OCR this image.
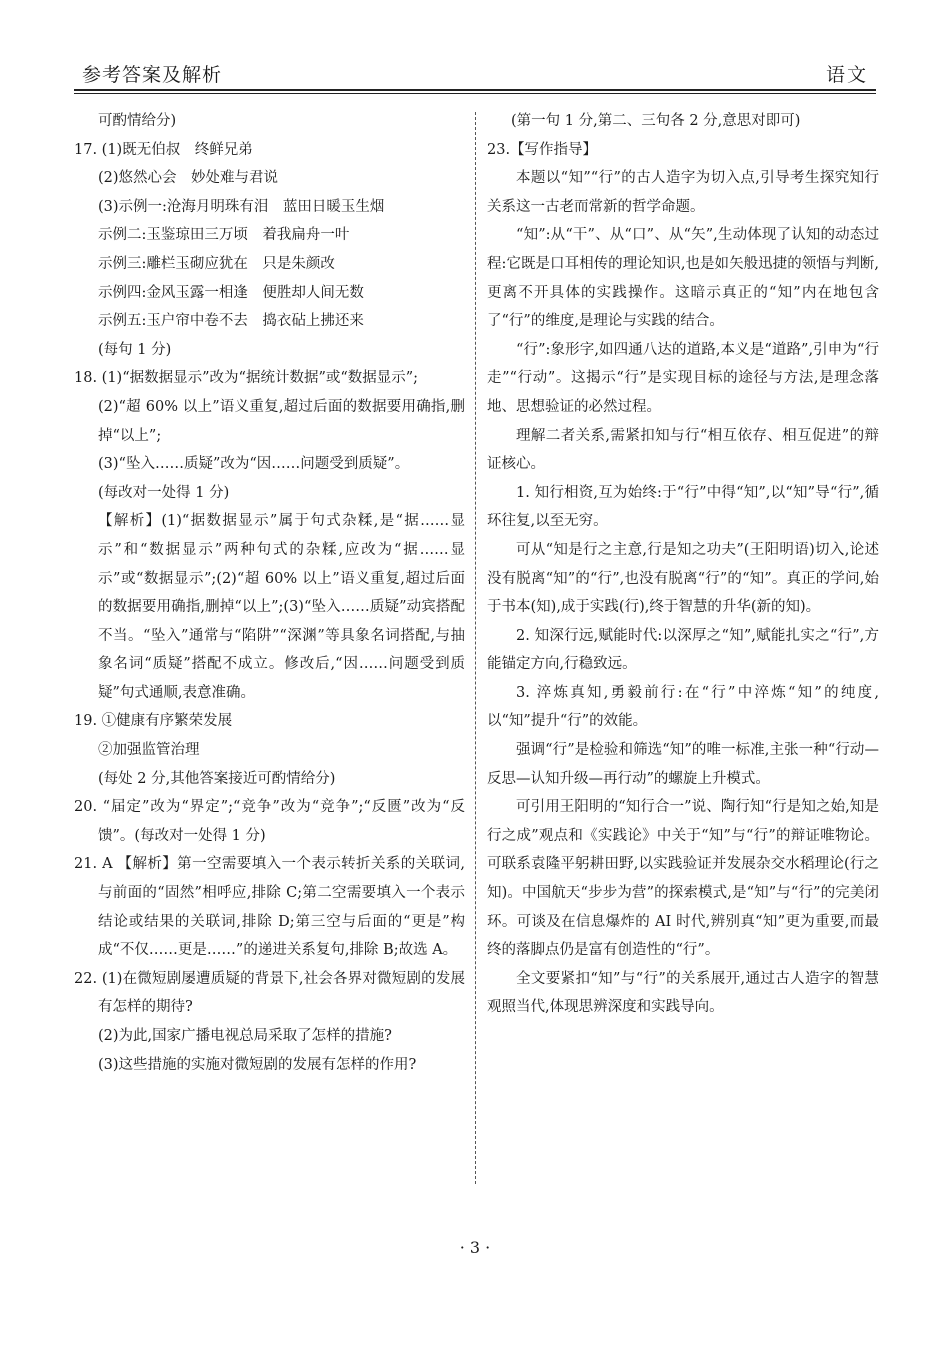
参考答案及解析	语文

可酌情给分)

17. (1)既无伯叔　终鲜兄弟

(2)悠然心会　妙处难与君说

(3)示例一:沧海月明珠有泪　蓝田日暖玉生烟

示例二:玉鉴琼田三万顷　着我扁舟一叶

示例三:雕栏玉砌应犹在　只是朱颜改

示例四:金风玉露一相逢　便胜却人间无数

示例五:玉户帘中卷不去　捣衣砧上拂还来

(每句 1 分)

18. (1)“据数据显示”改为“据统计数据”或“数据显示”;

(2)“超 60% 以上”语义重复,超过后面的数据要用确指,删掉“以上”;

(3)“坠入……质疑”改为“因……问题受到质疑”。

(每改对一处得 1 分)

【解析】(1)“据数据显示”属于句式杂糅,是“据……显示”和“数据显示”两种句式的杂糅,应改为“据……显示”或“数据显示”;(2)“超 60% 以上”语义重复,超过后面的数据要用确指,删掉“以上”;(3)“坠入……质疑”动宾搭配不当。“坠入”通常与“陷阱”“深渊”等具象名词搭配,与抽象名词“质疑”搭配不成立。修改后,“因……问题受到质疑”句式通顺,表意准确。

19. ①健康有序繁荣发展

②加强监管治理

(每处 2 分,其他答案接近可酌情给分)

20. “届定”改为“界定”;“竞争”改为“竞争”;“反匮”改为“反馈”。(每改对一处得 1 分)

21. A 【解析】第一空需要填入一个表示转折关系的关联词,与前面的“固然”相呼应,排除 C;第二空需要填入一个表示结论或结果的关联词,排除 D;第三空与后面的“更是”构成“不仅……更是……”的递进关系复句,排除 B;故选 A。

22. (1)在微短剧屡遭质疑的背景下,社会各界对微短剧的发展有怎样的期待?

(2)为此,国家广播电视总局采取了怎样的措施?

(3)这些措施的实施对微短剧的发展有怎样的作用?

(第一句 1 分,第二、三句各 2 分,意思对即可)

23.【写作指导】

本题以“知”“行”的古人造字为切入点,引导考生探究知行关系这一古老而常新的哲学命题。

“知”:从“干”、从“口”、从“矢”,生动体现了认知的动态过程:它既是口耳相传的理论知识,也是如矢般迅捷的领悟与判断,更离不开具体的实践操作。这暗示真正的“知”内在地包含了“行”的维度,是理论与实践的结合。

“行”:象形字,如四通八达的道路,本义是“道路”,引申为“行走”“行动”。这揭示“行”是实现目标的途径与方法,是理念落地、思想验证的必然过程。

理解二者关系,需紧扣知与行“相互依存、相互促进”的辩证核心。

1. 知行相资,互为始终:于“行”中得“知”,以“知”导“行”,循环往复,以至无穷。

可从“知是行之主意,行是知之功夫”(王阳明语)切入,论述没有脱离“知”的“行”,也没有脱离“行”的“知”。真正的学问,始于书本(知),成于实践(行),终于智慧的升华(新的知)。

2. 知深行远,赋能时代:以深厚之“知”,赋能扎实之“行”,方能锚定方向,行稳致远。

3. 淬炼真知,勇毅前行:在“行”中淬炼“知”的纯度,以“知”提升“行”的效能。

强调“行”是检验和筛选“知”的唯一标准,主张一种“行动—反思—认知升级—再行动”的螺旋上升模式。

可引用王阳明的“知行合一”说、陶行知“行是知之始,知是行之成”观点和《实践论》中关于“知”与“行”的辩证唯物论。可联系袁隆平躬耕田野,以实践验证并发展杂交水稻理论(行之知)。中国航天“步步为营”的探索模式,是“知”与“行”的完美闭环。可谈及在信息爆炸的 AI 时代,辨别真“知”更为重要,而最终的落脚点仍是富有创造性的“行”。

全文要紧扣“知”与“行”的关系展开,通过古人造字的智慧观照当代,体现思辨深度和实践导向。

· 3 ·
